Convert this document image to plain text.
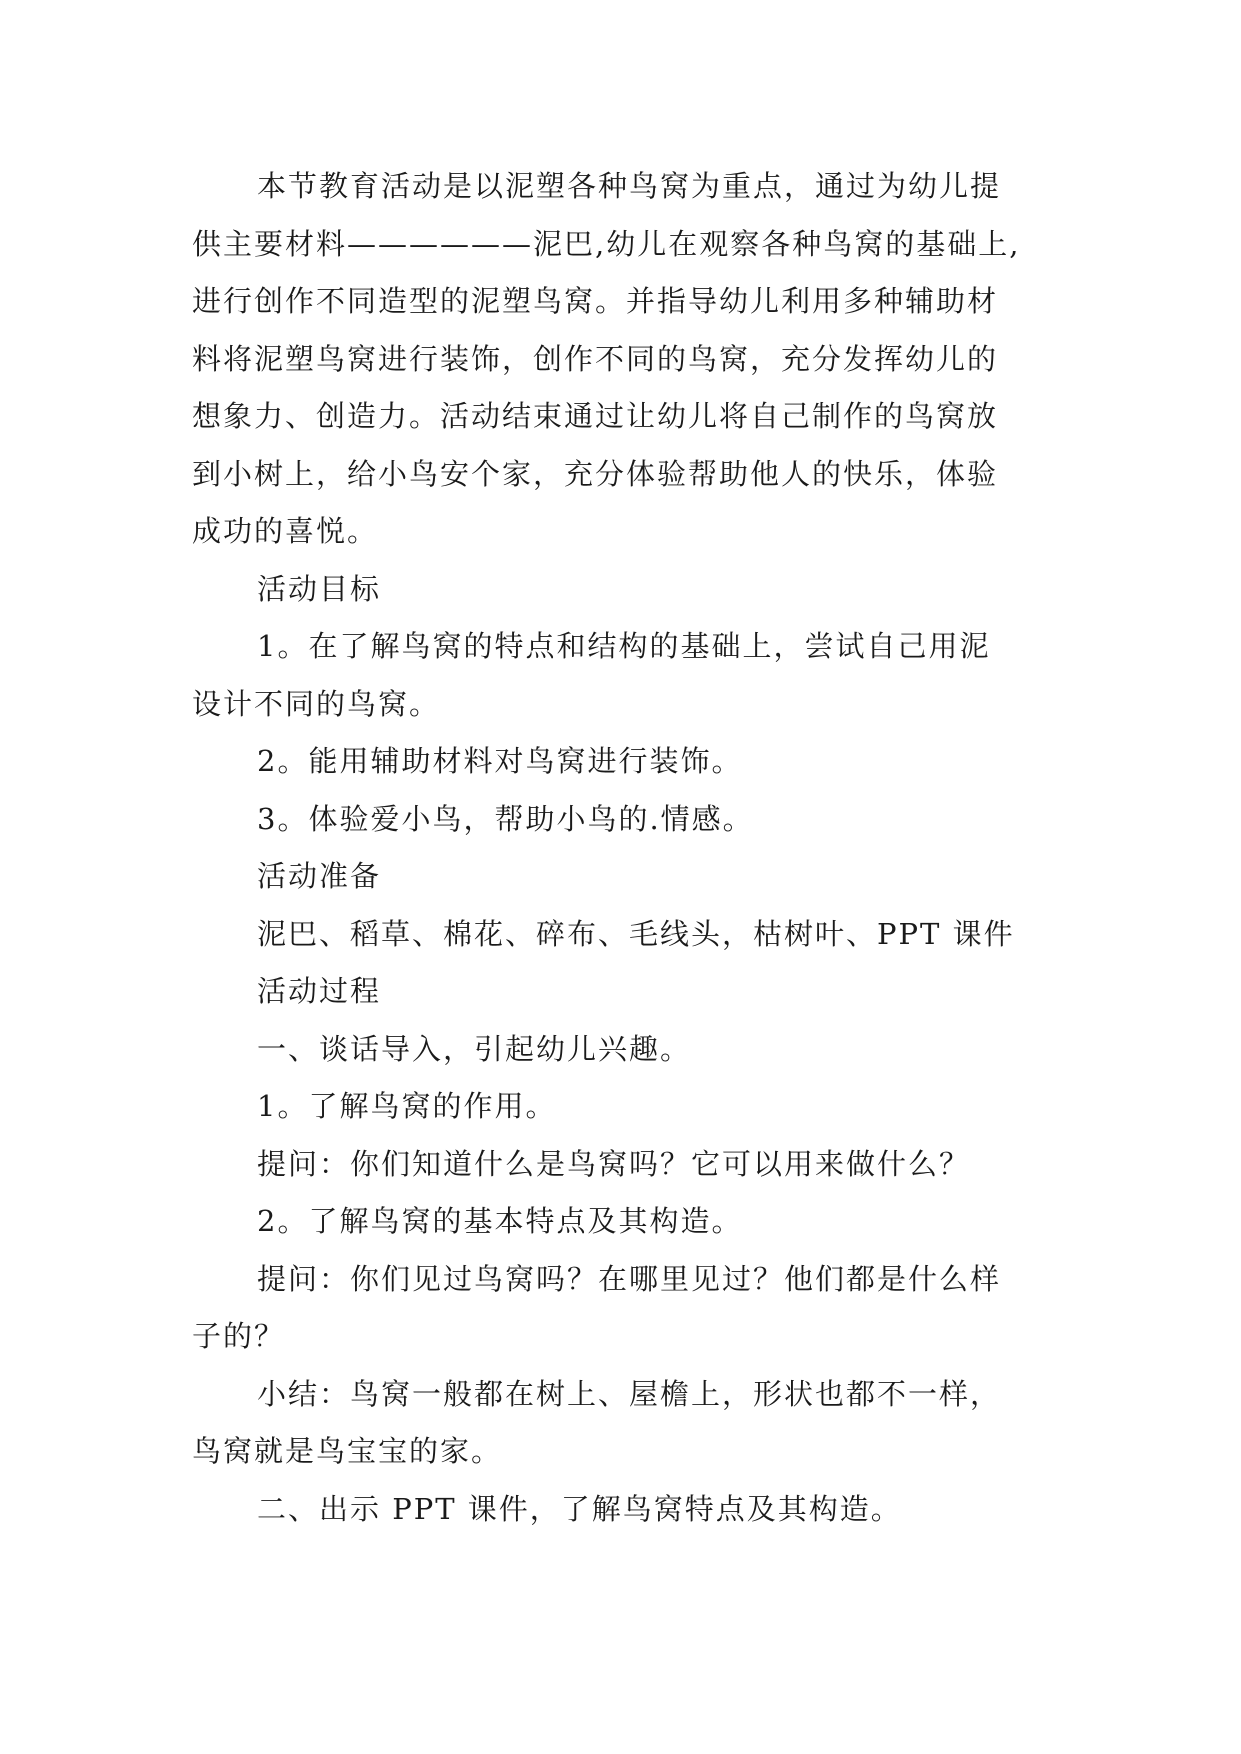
本节教育活动是以泥塑各种鸟窝为重点，通过为幼儿提
供主要材料——————泥巴,幼儿在观察各种鸟窝的基础上,
进行创作不同造型的泥塑鸟窝。并指导幼儿利用多种辅助材
料将泥塑鸟窝进行装饰，创作不同的鸟窝，充分发挥幼儿的
想象力、创造力。活动结束通过让幼儿将自己制作的鸟窝放
到小树上，给小鸟安个家，充分体验帮助他人的快乐，体验
成功的喜悦。

活动目标

1。在了解鸟窝的特点和结构的基础上，尝试自己用泥
设计不同的鸟窝。

2。能用辅助材料对鸟窝进行装饰。

3。体验爱小鸟，帮助小鸟的.情感。

活动准备

泥巴、稻草、棉花、碎布、毛线头，枯树叶、PPT 课件

活动过程

一、谈话导入，引起幼儿兴趣。

1。了解鸟窝的作用。

提问：你们知道什么是鸟窝吗？它可以用来做什么？

2。了解鸟窝的基本特点及其构造。

提问：你们见过鸟窝吗？在哪里见过？他们都是什么样
子的？

小结：鸟窝一般都在树上、屋檐上，形状也都不一样，
鸟窝就是鸟宝宝的家。

二、出示 PPT 课件，了解鸟窝特点及其构造。
